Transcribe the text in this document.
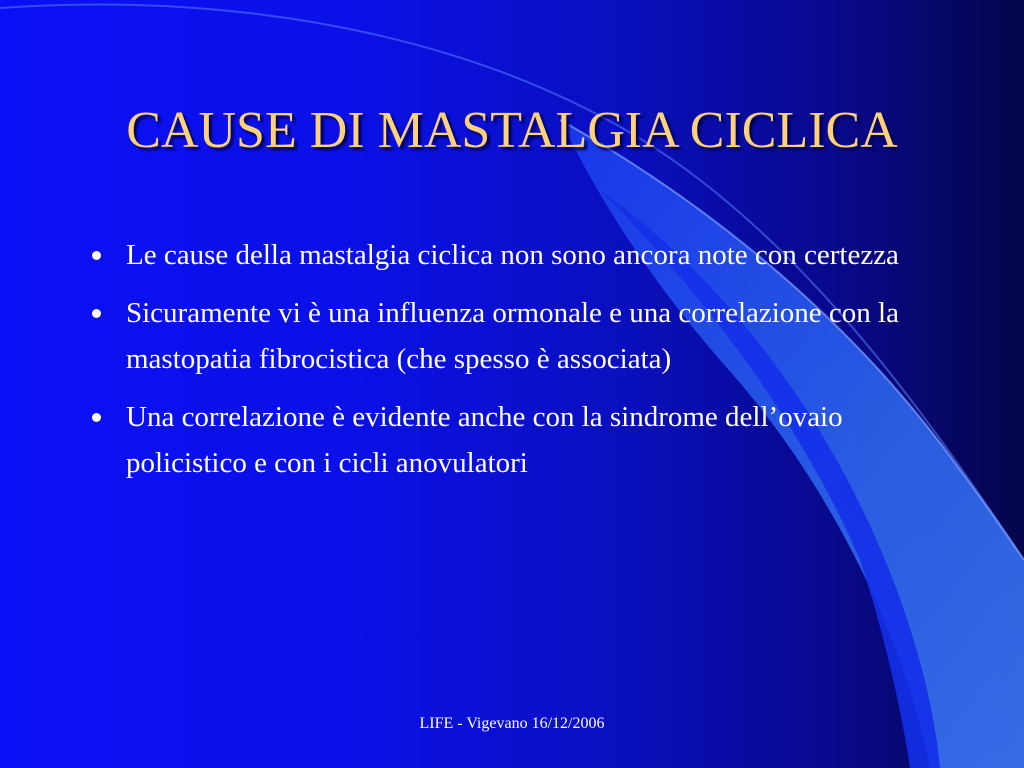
CAUSE DI MASTALGIA CICLICA
Le cause della mastalgia ciclica non sono ancora note con certezza
Sicuramente vi è una influenza ormonale e una correlazione con la mastopatia fibrocistica (che spesso è associata)
Una correlazione è evidente anche con la sindrome dell’ovaio policistico e con i cicli anovulatori
LIFE - Vigevano 16/12/2006
